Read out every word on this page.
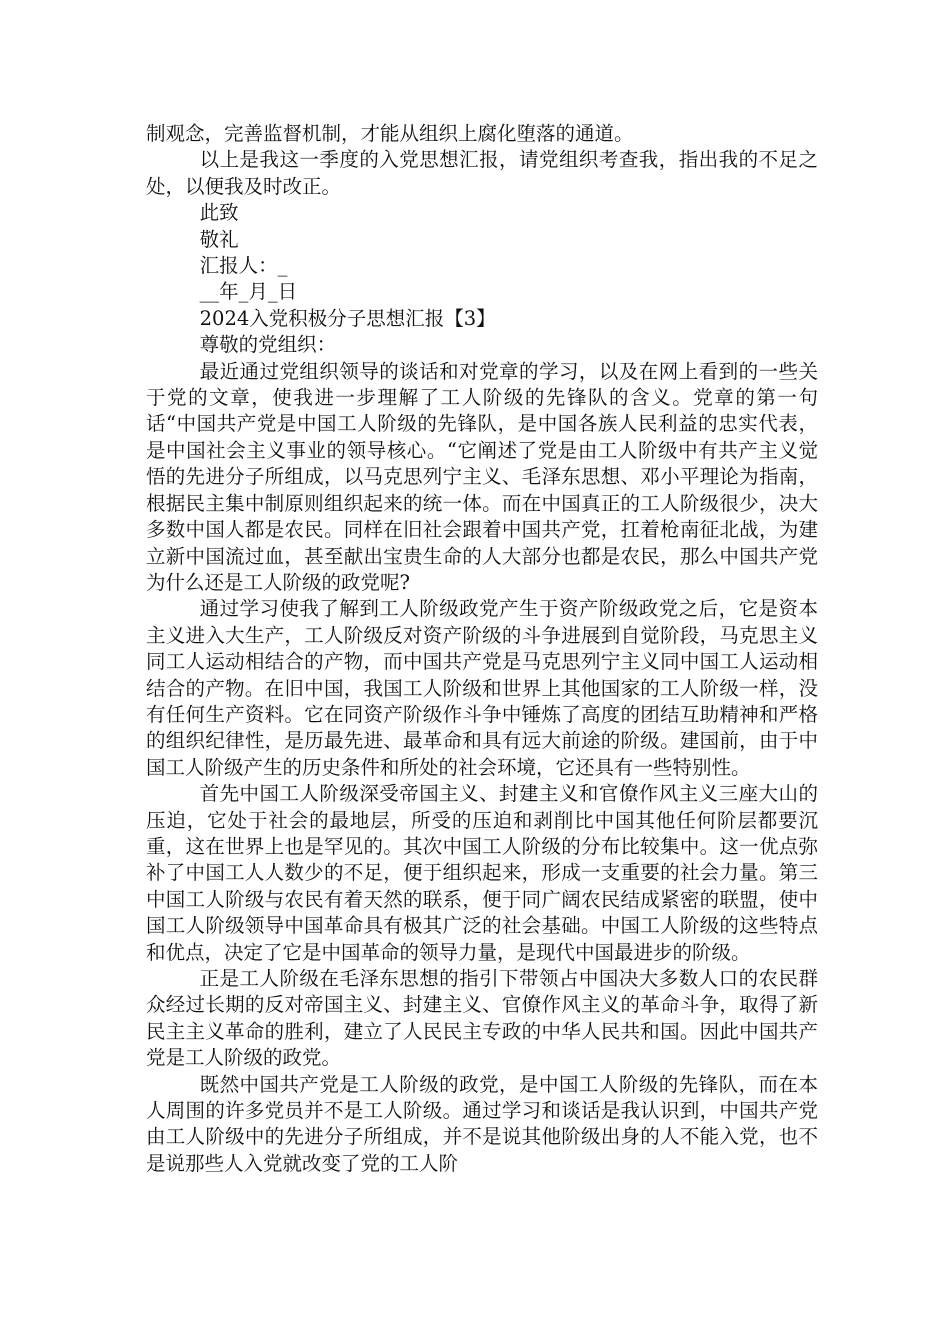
制观念，完善监督机制，才能从组织上腐化堕落的通道。

以上是我这一季度的入党思想汇报，请党组织考查我，指出我的不足之处，以便我及时改正。

此致

敬礼

汇报人：_

__年_月_日

2024入党积极分子思想汇报【3】

尊敬的党组织：

最近通过党组织领导的谈话和对党章的学习，以及在网上看到的一些关于党的文章，使我进一步理解了工人阶级的先锋队的含义。党章的第一句话“中国共产党是中国工人阶级的先锋队，是中国各族人民利益的忠实代表，是中国社会主义事业的领导核心。“它阐述了党是由工人阶级中有共产主义觉悟的先进分子所组成，以马克思列宁主义、毛泽东思想、邓小平理论为指南，根据民主集中制原则组织起来的统一体。而在中国真正的工人阶级很少，决大多数中国人都是农民。同样在旧社会跟着中国共产党，扛着枪南征北战，为建立新中国流过血，甚至献出宝贵生命的人大部分也都是农民，那么中国共产党为什么还是工人阶级的政党呢?

通过学习使我了解到工人阶级政党产生于资产阶级政党之后，它是资本主义进入大生产，工人阶级反对资产阶级的斗争进展到自觉阶段，马克思主义同工人运动相结合的产物，而中国共产党是马克思列宁主义同中国工人运动相结合的产物。在旧中国，我国工人阶级和世界上其他国家的工人阶级一样，没有任何生产资料。它在同资产阶级作斗争中锤炼了高度的团结互助精神和严格的组织纪律性，是历最先进、最革命和具有远大前途的阶级。建国前，由于中国工人阶级产生的历史条件和所处的社会环境，它还具有一些特别性。

首先中国工人阶级深受帝国主义、封建主义和官僚作风主义三座大山的压迫，它处于社会的最地层，所受的压迫和剥削比中国其他任何阶层都要沉重，这在世界上也是罕见的。其次中国工人阶级的分布比较集中。这一优点弥补了中国工人人数少的不足，便于组织起来，形成一支重要的社会力量。第三中国工人阶级与农民有着天然的联系，便于同广阔农民结成紧密的联盟，使中国工人阶级领导中国革命具有极其广泛的社会基础。中国工人阶级的这些特点和优点，决定了它是中国革命的领导力量，是现代中国最进步的阶级。

正是工人阶级在毛泽东思想的指引下带领占中国决大多数人口的农民群众经过长期的反对帝国主义、封建主义、官僚作风主义的革命斗争，取得了新民主主义革命的胜利，建立了人民民主专政的中华人民共和国。因此中国共产党是工人阶级的政党。

既然中国共产党是工人阶级的政党，是中国工人阶级的先锋队，而在本人周围的许多党员并不是工人阶级。通过学习和谈话是我认识到，中国共产党由工人阶级中的先进分子所组成，并不是说其他阶级出身的人不能入党，也不是说那些人入党就改变了党的工人阶
